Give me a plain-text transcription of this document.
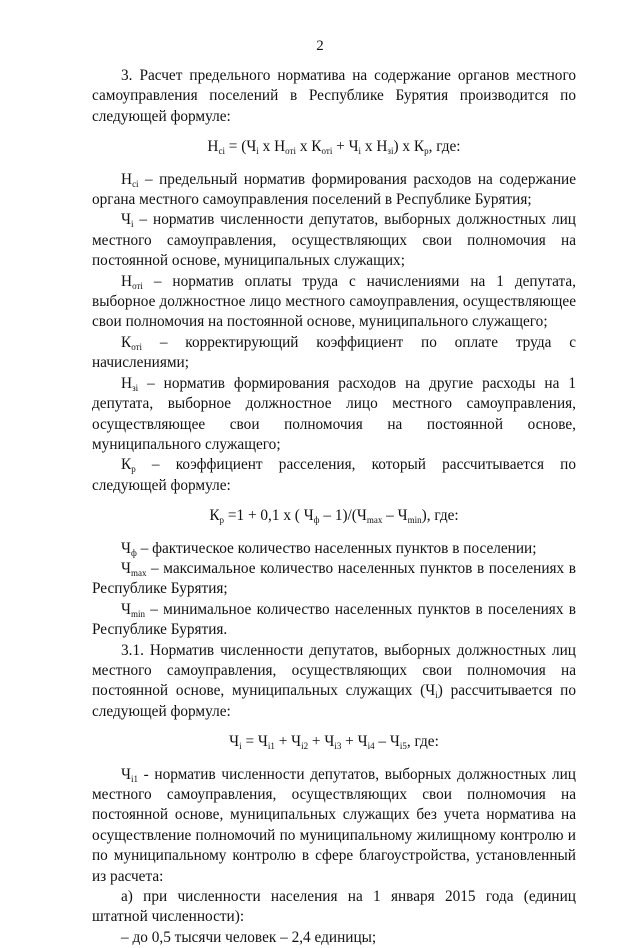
2

3. Расчет предельного норматива на содержание органов местного самоуправления поселений в Республике Бурятия производится по следующей формуле:

$Н_{сi} = (Ч_i$ х $Н_{отi}$ х $К_{отi} + Ч_i$ х $Н_{зi}$) х $К_р$, где:

$Н_{сi}$ – предельный норматив формирования расходов на содержание органа местного самоуправления поселений в Республике Бурятия;

$Ч_i$ – норматив численности депутатов, выборных должностных лиц местного самоуправления, осуществляющих свои полномочия на постоянной основе, муниципальных служащих;

$Н_{отi}$ – норматив оплаты труда с начислениями на 1 депутата, выборное должностное лицо местного самоуправления, осуществляющее свои полномочия на постоянной основе, муниципального служащего;

$К_{отi}$ – корректирующий коэффициент по оплате труда с начислениями;

$Н_{зi}$ – норматив формирования расходов на другие расходы на 1 депутата, выборное должностное лицо местного самоуправления, осуществляющее свои полномочия на постоянной основе, муниципального служащего;

$К_р$ – коэффициент расселения, который рассчитывается по следующей формуле:

$К_р =1 + 0,1$ х ( $Ч_ф - 1)/(Ч_{max} - Ч_{min})$, где:

$Ч_ф$ – фактическое количество населенных пунктов в поселении;

$Ч_{max}$ – максимальное количество населенных пунктов в поселениях в Республике Бурятия;

$Ч_{min}$ – минимальное количество населенных пунктов в поселениях в Республике Бурятия.

3.1. Норматив численности депутатов, выборных должностных лиц местного самоуправления, осуществляющих свои полномочия на постоянной основе, муниципальных служащих $(Ч_i)$ рассчитывается по следующей формуле:

$Ч_i = Ч_{i1} + Ч_{i2} + Ч_{i3} + Ч_{i4} - Ч_{i5}$, где:

$Ч_{i1}$ - норматив численности депутатов, выборных должностных лиц местного самоуправления, осуществляющих свои полномочия на постоянной основе, муниципальных служащих без учета норматива на осуществление полномочий по муниципальному жилищному контролю и по муниципальному контролю в сфере благоустройства, установленный из расчета:

а) при численности населения на 1 января 2015 года (единиц штатной численности):

– до 0,5 тысячи человек – 2,4 единицы;
